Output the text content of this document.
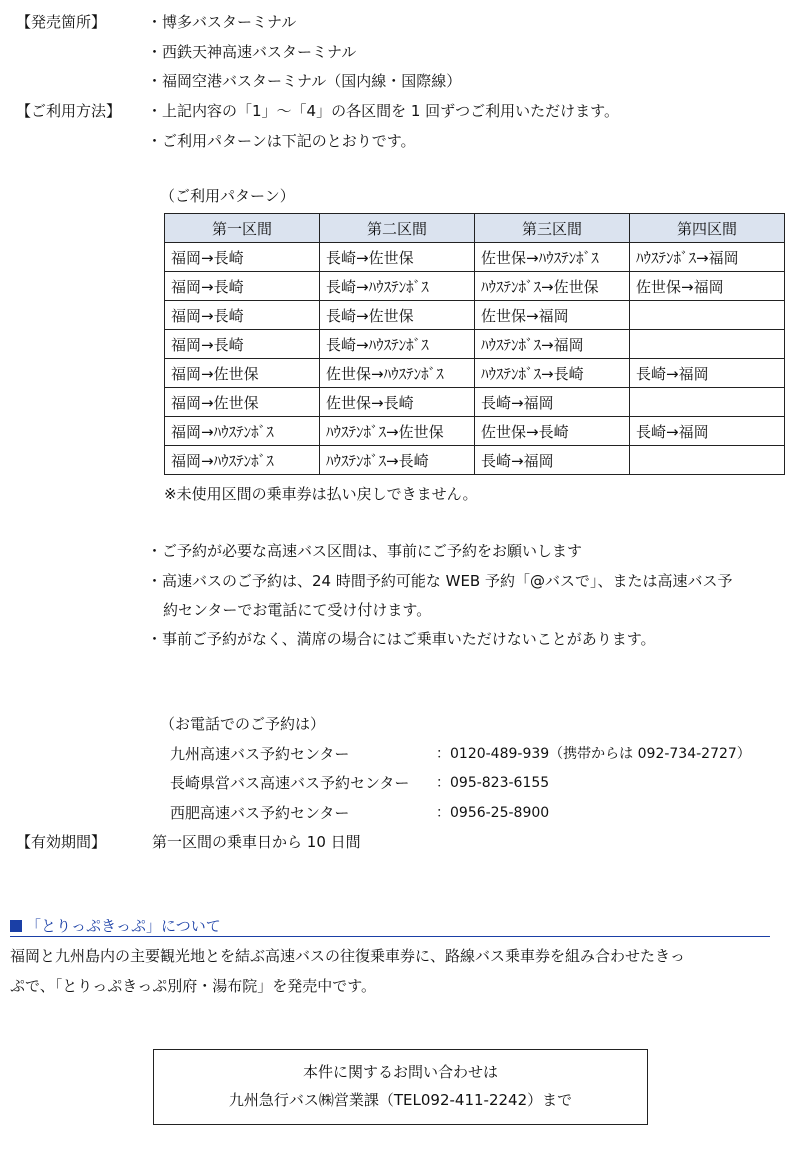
【発売箇所】	・博多バスターミナル
・西鉄天神高速バスターミナル
・福岡空港バスターミナル（国内線・国際線）
【ご利用方法】 ・上記内容の「1」～「4」の各区間を 1 回ずつご利用いただけます。
・ご利用パターンは下記のとおりです。
（ご利用パターン）
第一区間	第二区間	第三区間	第四区間
福岡→長崎	長崎→佐世保	佐世保→ﾊｳｽﾃﾝﾎﾞｽ	ﾊｳｽﾃﾝﾎﾞｽ→福岡
福岡→長崎	長崎→ﾊｳｽﾃﾝﾎﾞｽ	ﾊｳｽﾃﾝﾎﾞｽ→佐世保	佐世保→福岡
福岡→長崎	長崎→佐世保	佐世保→福岡	
福岡→長崎	長崎→ﾊｳｽﾃﾝﾎﾞｽ	ﾊｳｽﾃﾝﾎﾞｽ→福岡	
福岡→佐世保	佐世保→ﾊｳｽﾃﾝﾎﾞｽ	ﾊｳｽﾃﾝﾎﾞｽ→長崎	長崎→福岡
福岡→佐世保	佐世保→長崎	長崎→福岡	
福岡→ﾊｳｽﾃﾝﾎﾞｽ	ﾊｳｽﾃﾝﾎﾞｽ→佐世保	佐世保→長崎	長崎→福岡
福岡→ﾊｳｽﾃﾝﾎﾞｽ	ﾊｳｽﾃﾝﾎﾞｽ→長崎	長崎→福岡	
※未使用区間の乗車券は払い戻しできません。
・ご予約が必要な高速バス区間は、事前にご予約をお願いします
・高速バスのご予約は、24 時間予約可能な WEB 予約「@バスで」、または高速バス予
約センターでお電話にて受け付けます。
・事前ご予約がなく、満席の場合にはご乗車いただけないことがあります。
（お電話でのご予約は）
九州高速バス予約センター	：0120-489-939（携帯からは 092-734-2727）
長崎県営バス高速バス予約センター ：095-823-6155
西肥高速バス予約センター	：0956-25-8900
【有効期間】	第一区間の乗車日から 10 日間
「とりっぷきっぷ」について
福岡と九州島内の主要観光地とを結ぶ高速バスの往復乗車券に、路線バス乗車券を組み合わせたきっ
ぷで、「とりっぷきっぷ別府・湯布院」を発売中です。
本件に関するお問い合わせは
九州急行バス㈱営業課（TEL092-411-2242）まで
